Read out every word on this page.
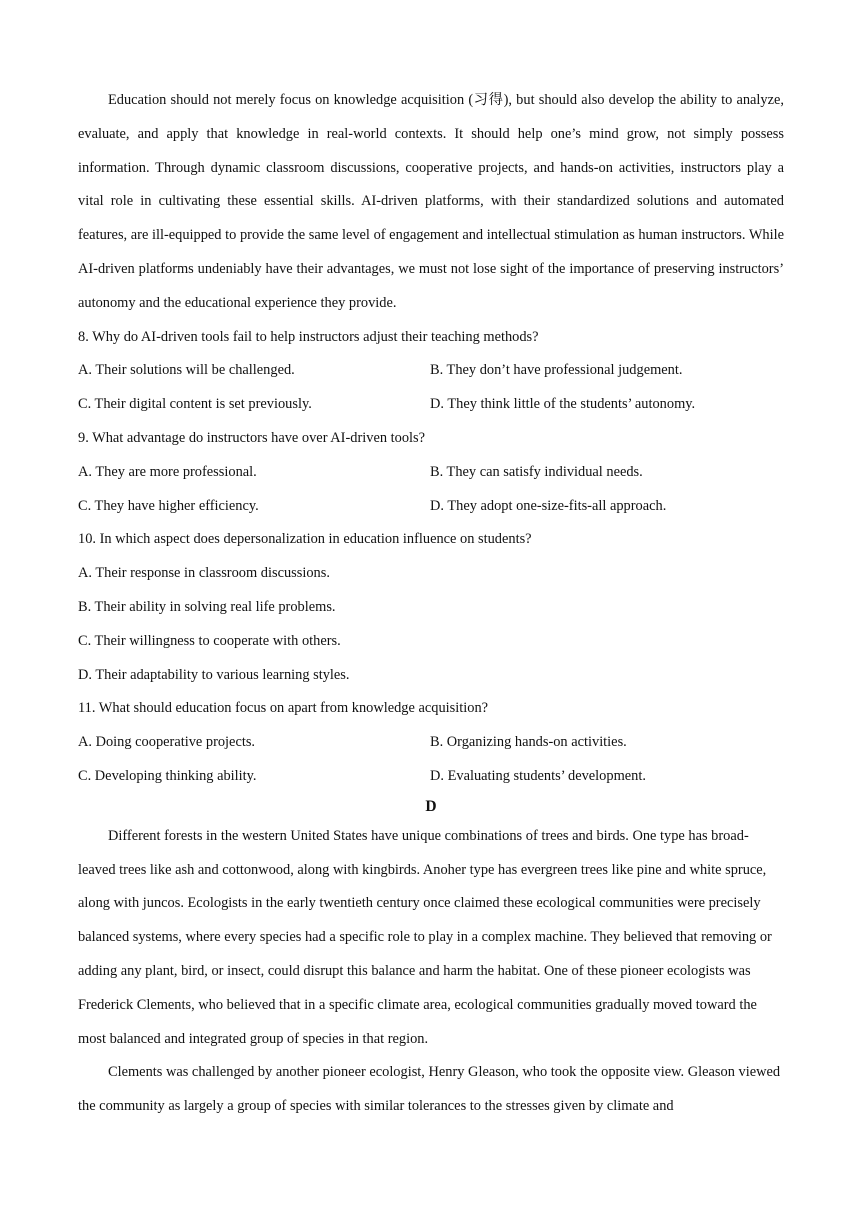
Education should not merely focus on knowledge acquisition (习得), but should also develop the ability to analyze, evaluate, and apply that knowledge in real-world contexts. It should help one’s mind grow, not simply possess information. Through dynamic classroom discussions, cooperative projects, and hands-on activities, instructors play a vital role in cultivating these essential skills. AI-driven platforms, with their standardized solutions and automated features, are ill-equipped to provide the same level of engagement and intellectual stimulation as human instructors. While AI-driven platforms undeniably have their advantages, we must not lose sight of the importance of preserving instructors’ autonomy and the educational experience they provide.

8. Why do AI-driven tools fail to help instructors adjust their teaching methods?

A. Their solutions will be challenged.	B. They don’t have professional judgement.
C. Their digital content is set previously.	D. They think little of the students’ autonomy.

9. What advantage do instructors have over AI-driven tools?

A. They are more professional.	B. They can satisfy individual needs.
C. They have higher efficiency.	D. They adopt one-size-fits-all approach.

10. In which aspect does depersonalization in education influence on students?

A. Their response in classroom discussions.
B. Their ability in solving real life problems.
C. Their willingness to cooperate with others.
D. Their adaptability to various learning styles.

11. What should education focus on apart from knowledge acquisition?

A. Doing cooperative projects.	B. Organizing hands-on activities.
C. Developing thinking ability.	D. Evaluating students’ development.
D

Different forests in the western United States have unique combinations of trees and birds. One type has broad-leaved trees like ash and cottonwood, along with kingbirds. Anoher type has evergreen trees like pine and white spruce, along with juncos. Ecologists in the early twentieth century once claimed these ecological communities were precisely balanced systems, where every species had a specific role to play in a complex machine. They believed that removing or adding any plant, bird, or insect, could disrupt this balance and harm the habitat. One of these pioneer ecologists was Frederick Clements, who believed that in a specific climate area, ecological communities gradually moved toward the most balanced and integrated group of species in that region.

Clements was challenged by another pioneer ecologist, Henry Gleason, who took the opposite view. Gleason viewed the community as largely a group of species with similar tolerances to the stresses given by climate and
